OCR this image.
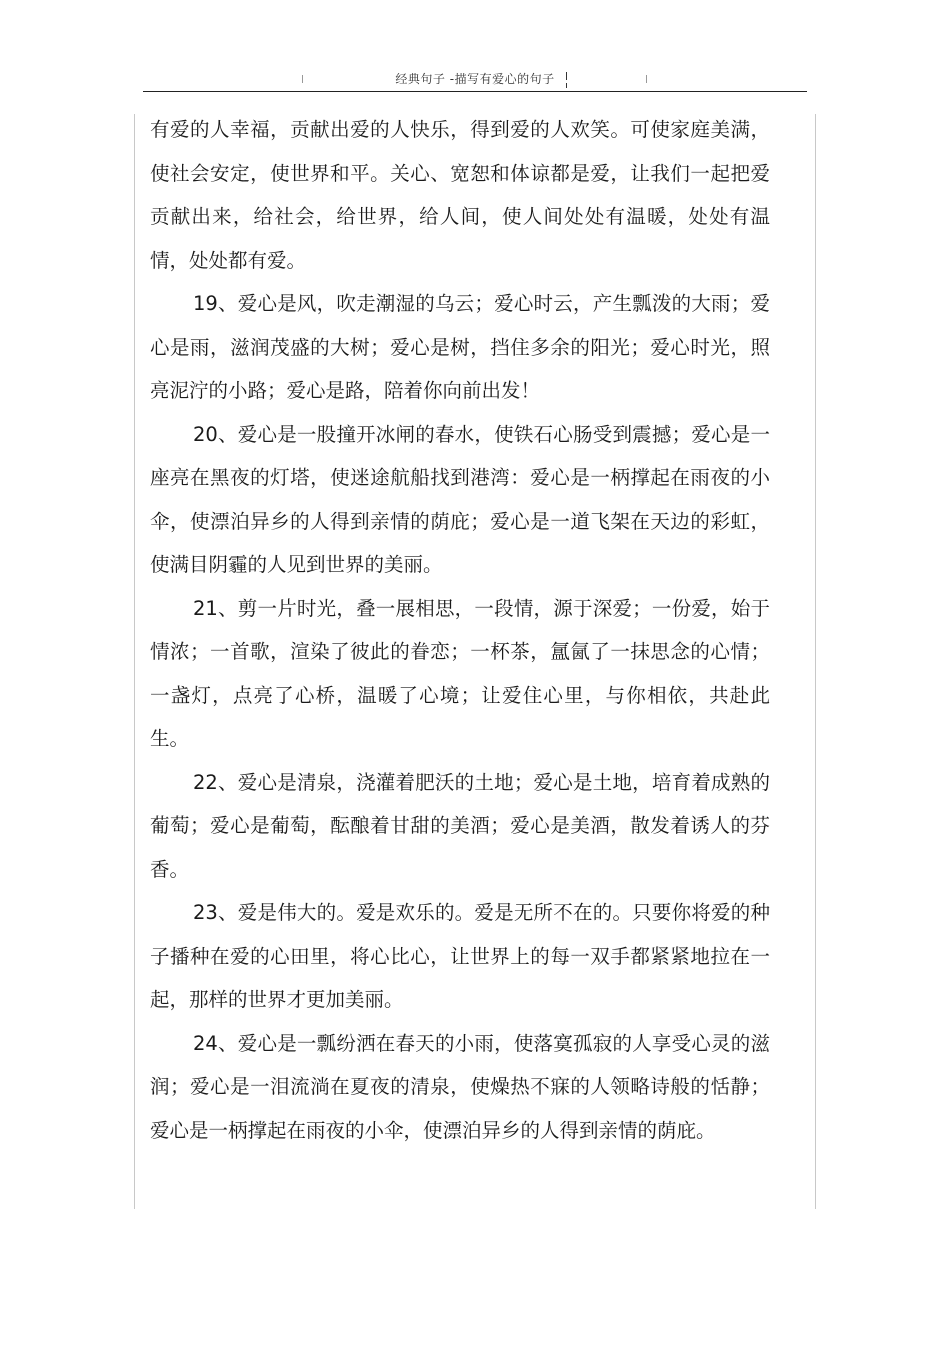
经典句子 -描写有爱心的句子

有爱的人幸福，贡献出爱的人快乐，得到爱的人欢笑。可使家庭美满，使社会安定，使世界和平。关心、宽恕和体谅都是爱，让我们一起把爱贡献出来，给社会，给世界，给人间，使人间处处有温暖，处处有温情，处处都有爱。

19、爱心是风，吹走潮湿的乌云；爱心时云，产生瓢泼的大雨；爱心是雨，滋润茂盛的大树；爱心是树，挡住多余的阳光；爱心时光，照亮泥泞的小路；爱心是路，陪着你向前出发！

20、爱心是一股撞开冰闸的春水，使铁石心肠受到震撼；爱心是一座亮在黑夜的灯塔，使迷途航船找到港湾：爱心是一柄撑起在雨夜的小伞，使漂泊异乡的人得到亲情的荫庇；爱心是一道飞架在天边的彩虹，使满目阴霾的人见到世界的美丽。

21、剪一片时光，叠一展相思，一段情，源于深爱；一份爱，始于情浓；一首歌，渲染了彼此的眷恋；一杯茶，氲氤了一抹思念的心情；一盏灯，点亮了心桥，温暖了心境；让爱住心里，与你相依，共赴此生。

22、爱心是清泉，浇灌着肥沃的土地；爱心是土地，培育着成熟的葡萄；爱心是葡萄，酝酿着甘甜的美酒；爱心是美酒，散发着诱人的芬香。

23、爱是伟大的。爱是欢乐的。爱是无所不在的。只要你将爱的种子播种在爱的心田里，将心比心，让世界上的每一双手都紧紧地拉在一起，那样的世界才更加美丽。

24、爱心是一瓢纷洒在春天的小雨，使落寞孤寂的人享受心灵的滋润；爱心是一泪流淌在夏夜的清泉，使燥热不寐的人领略诗般的恬静；爱心是一柄撑起在雨夜的小伞，使漂泊异乡的人得到亲情的荫庇。
